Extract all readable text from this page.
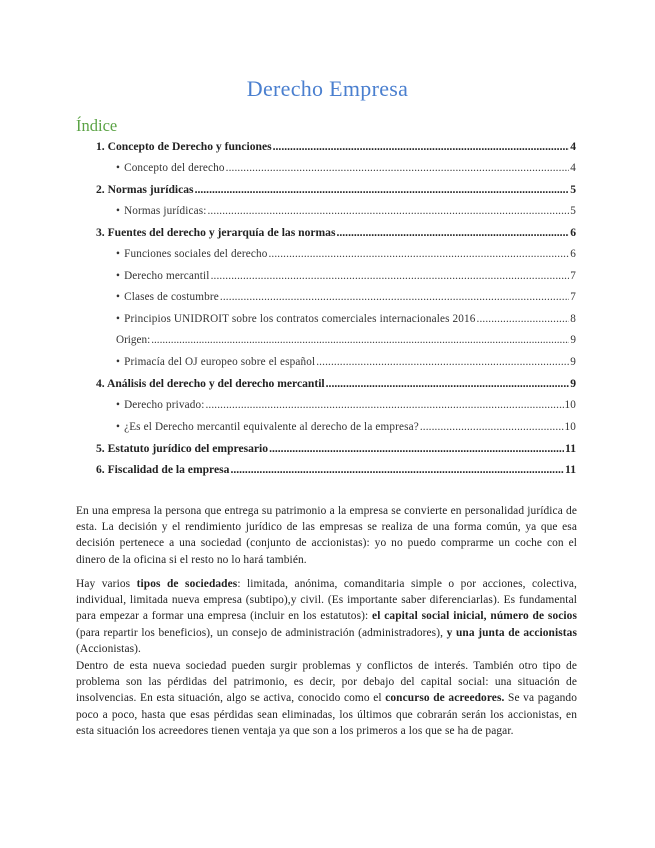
Derecho Empresa
Índice
1. Concepto de Derecho y funciones .....	4
• Concepto del derecho .....	4
2. Normas jurídicas .....	5
• Normas jurídicas: .....	5
3. Fuentes del derecho y jerarquía de las normas .....	6
• Funciones sociales del derecho .....	6
• Derecho mercantil .....	7
• Clases de costumbre .....	7
• Principios UNIDROIT sobre los contratos comerciales internacionales 2016 .....	8
Origen: .....	9
• Primacía del OJ europeo sobre el español .....	9
4. Análisis del derecho y del derecho mercantil .....	9
• Derecho privado: .....	10
• ¿Es el Derecho mercantil equivalente al derecho de la empresa? .....	10
5. Estatuto jurídico del empresario .....	11
6. Fiscalidad de la empresa .....	11
En una empresa la persona que entrega su patrimonio a la empresa se convierte en personalidad jurídica de esta. La decisión y el rendimiento jurídico de las empresas se realiza de una forma común, ya que esa decisión pertenece a una sociedad (conjunto de accionistas): yo no puedo comprarme un coche con el dinero de la oficina si el resto no lo hará también.
Hay varios tipos de sociedades: limitada, anónima, comanditaria simple o por acciones, colectiva, individual, limitada nueva empresa (subtipo),y civil. (Es importante saber diferenciarlas). Es fundamental para empezar a formar una empresa (incluir en los estatutos): el capital social inicial, número de socios (para repartir los beneficios), un consejo de administración (administradores), y una junta de accionistas (Accionistas).
Dentro de esta nueva sociedad pueden surgir problemas y conflictos de interés. También otro tipo de problema son las pérdidas del patrimonio, es decir, por debajo del capital social: una situación de insolvencias. En esta situación, algo se activa, conocido como el concurso de acreedores. Se va pagando poco a poco, hasta que esas pérdidas sean eliminadas, los últimos que cobrarán serán los accionistas, en esta situación los acreedores tienen ventaja ya que son a los primeros a los que se ha de pagar.
